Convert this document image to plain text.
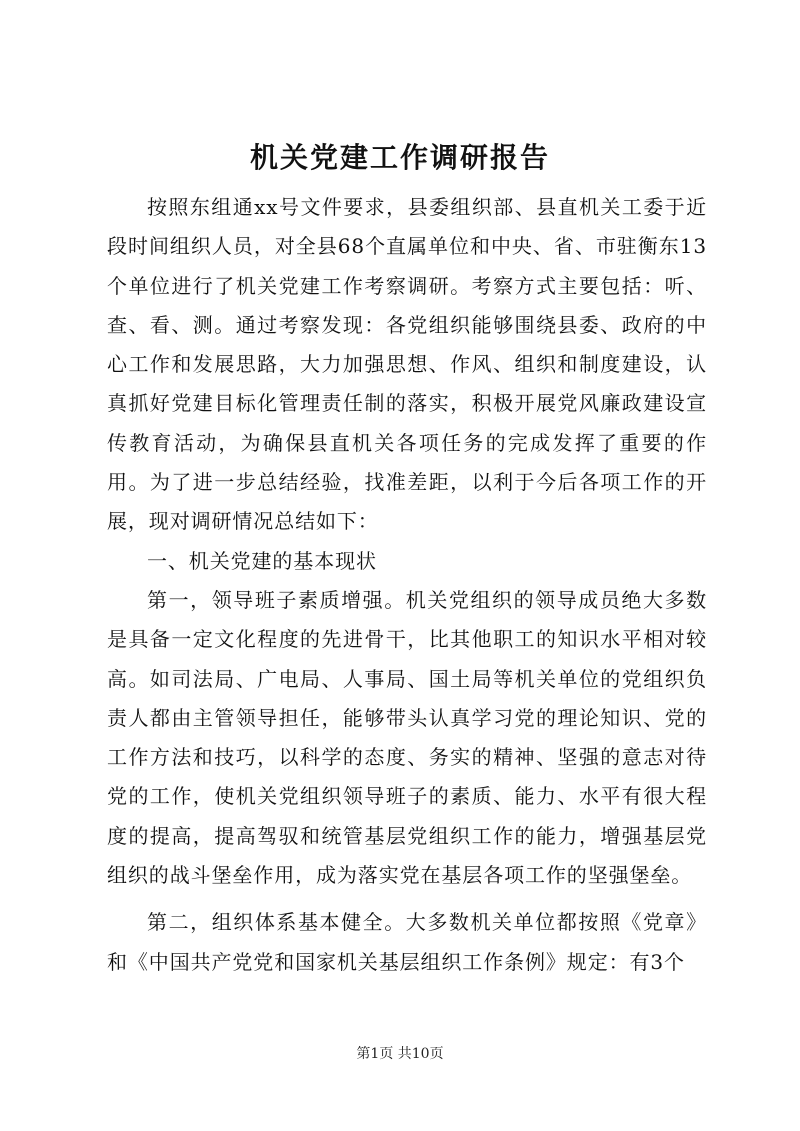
机关党建工作调研报告

按照东组通xx号文件要求，县委组织部、县直机关工委于近段时间组织人员，对全县68个直属单位和中央、省、市驻衡东13个单位进行了机关党建工作考察调研。考察方式主要包括：听、查、看、测。通过考察发现：各党组织能够围绕县委、政府的中心工作和发展思路，大力加强思想、作风、组织和制度建设，认真抓好党建目标化管理责任制的落实，积极开展党风廉政建设宣传教育活动，为确保县直机关各项任务的完成发挥了重要的作用。为了进一步总结经验，找准差距，以利于今后各项工作的开展，现对调研情况总结如下：

一、机关党建的基本现状

第一，领导班子素质增强。机关党组织的领导成员绝大多数是具备一定文化程度的先进骨干，比其他职工的知识水平相对较高。如司法局、广电局、人事局、国土局等机关单位的党组织负责人都由主管领导担任，能够带头认真学习党的理论知识、党的工作方法和技巧，以科学的态度、务实的精神、坚强的意志对待党的工作，使机关党组织领导班子的素质、能力、水平有很大程度的提高，提高驾驭和统管基层党组织工作的能力，增强基层党组织的战斗堡垒作用，成为落实党在基层各项工作的坚强堡垒。

第二，组织体系基本健全。大多数机关单位都按照《党章》和《中国共产党党和国家机关基层组织工作条例》规定：有3个

第1页 共10页
